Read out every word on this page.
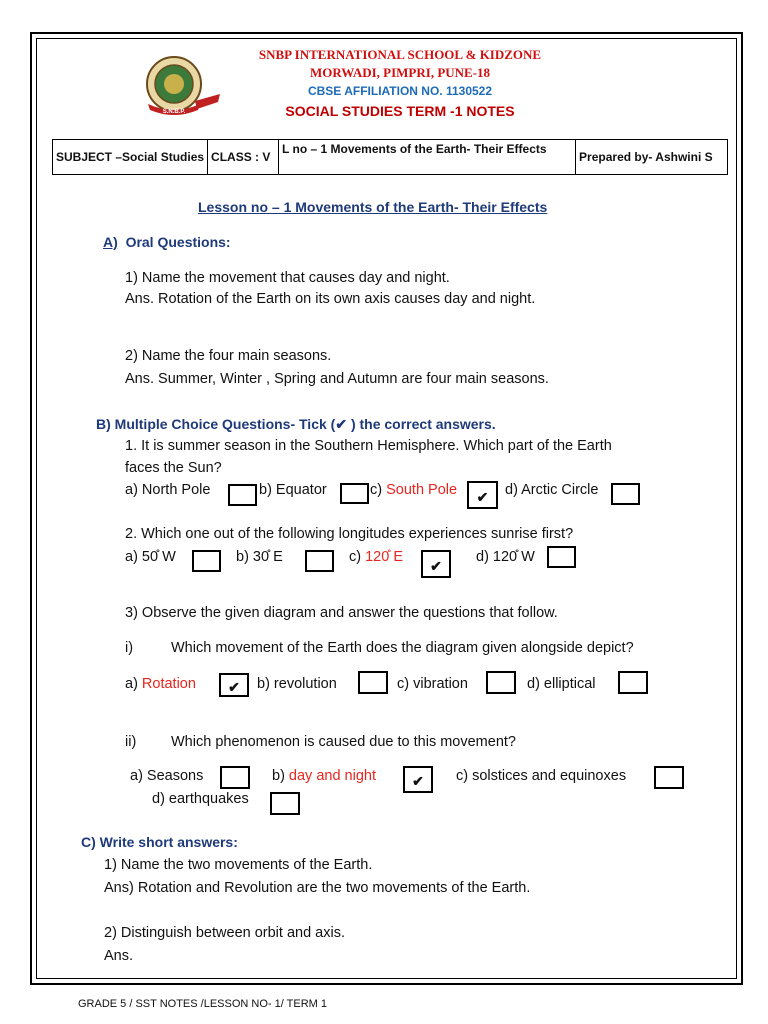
S.N.B.P.
SNBP INTERNATIONAL SCHOOL & KIDZONE
MORWADI, PIMPRI, PUNE-18
CBSE AFFILIATION NO. 1130522
SOCIAL STUDIES TERM -1 NOTES
SUBJECT –Social Studies	CLASS : V	L no – 1 Movements of the Earth- Their Effects	Prepared by- Ashwini S
Lesson no – 1 Movements of the Earth- Their Effects
A) Oral Questions:
1) Name the movement that causes day and night.
Ans. Rotation of the Earth on its own axis causes day and night.
2) Name the four main seasons.
Ans. Summer, Winter , Spring and Autumn are four main seasons.
B) Multiple Choice Questions- Tick (✔ ) the correct answers.
1. It is summer season in the Southern Hemisphere. Which part of the Earth
faces the Sun?
a) North Pole	b) Equator	c) South Pole	✔	d) Arctic Circle
2. Which one out of the following longitudes experiences sunrise first?
a) 50̊ W	b) 30̊ E	c) 120̊ E
✔
d) 120̊ W
3) Observe the given diagram and answer the questions that follow.
i)	Which movement of the Earth does the diagram given alongside depict?
a) Rotation	✔	b) revolution	c) vibration	d) elliptical
ii) Which phenomenon is caused due to this movement?
a) Seasons	b) day and night	✔	c) solstices and equinoxes
d) earthquakes
C) Write short answers:
1) Name the two movements of the Earth.
Ans) Rotation and Revolution are the two movements of the Earth.
2) Distinguish between orbit and axis.
Ans.
GRADE 5 / SST NOTES /LESSON NO- 1/ TERM 1
